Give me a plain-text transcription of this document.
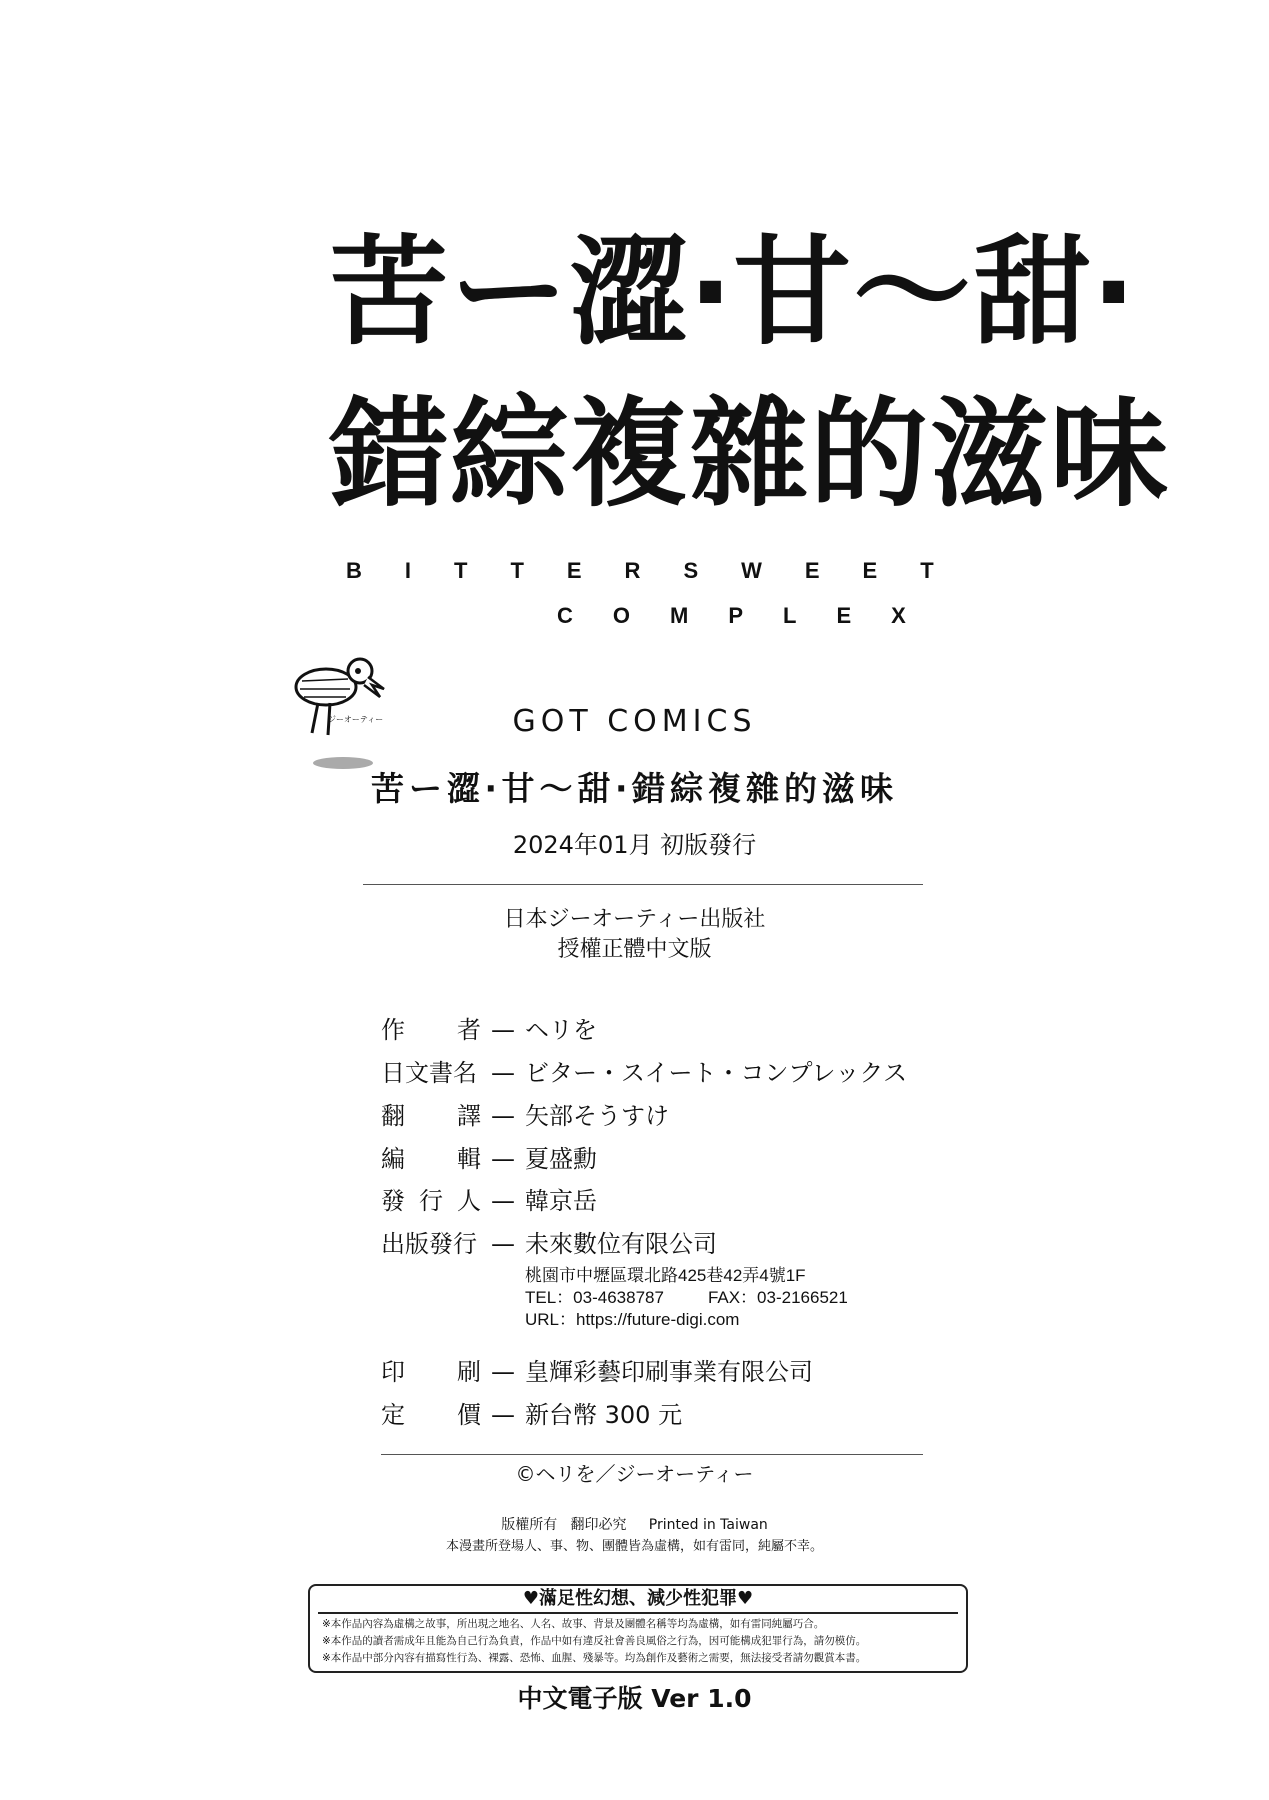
苦ー澀‧甘〜甜‧
錯綜複雜的滋味
BITTERSWEET
COMPLEX
ジーオーティー	GOT COMICS
苦ー澀‧甘～甜‧錯綜複雜的滋味
2024年01月 初版發行
日本ジーオーティー出版社
授權正體中文版
作 者 — ヘリを
日文書名 — ビター・スイート・コンプレックス
翻 譯 — 矢部そうすけ
編 輯 — 夏盛勳
發 行 人 — 韓京岳
出版發行 — 未來數位有限公司
桃園市中壢區環北路425巷42弄4號1F
TEL：03-4638787	FAX：03-2166521
URL：https://future-digi.com
印 刷 — 皇輝彩藝印刷事業有限公司
定 價 — 新台幣 300 元
©ヘリを／ジーオーティー
版權所有   翻印必究     Printed in Taiwan
本漫畫所登場人、事、物、團體皆為虛構，如有雷同，純屬不幸。
♥滿足性幻想、減少性犯罪♥
※本作品內容為虛構之故事，所出現之地名、人名、故事、背景及團體名稱等均為虛構，如有雷同純屬巧合。
※本作品的讀者需成年且能為自己行為負責，作品中如有違反社會善良風俗之行為，因可能構成犯罪行為，請勿模仿。
※本作品中部分內容有描寫性行為、裸露、恐怖、血腥、殘暴等。均為創作及藝術之需要，無法接受者請勿觀賞本書。
中文電子版 Ver 1.0
